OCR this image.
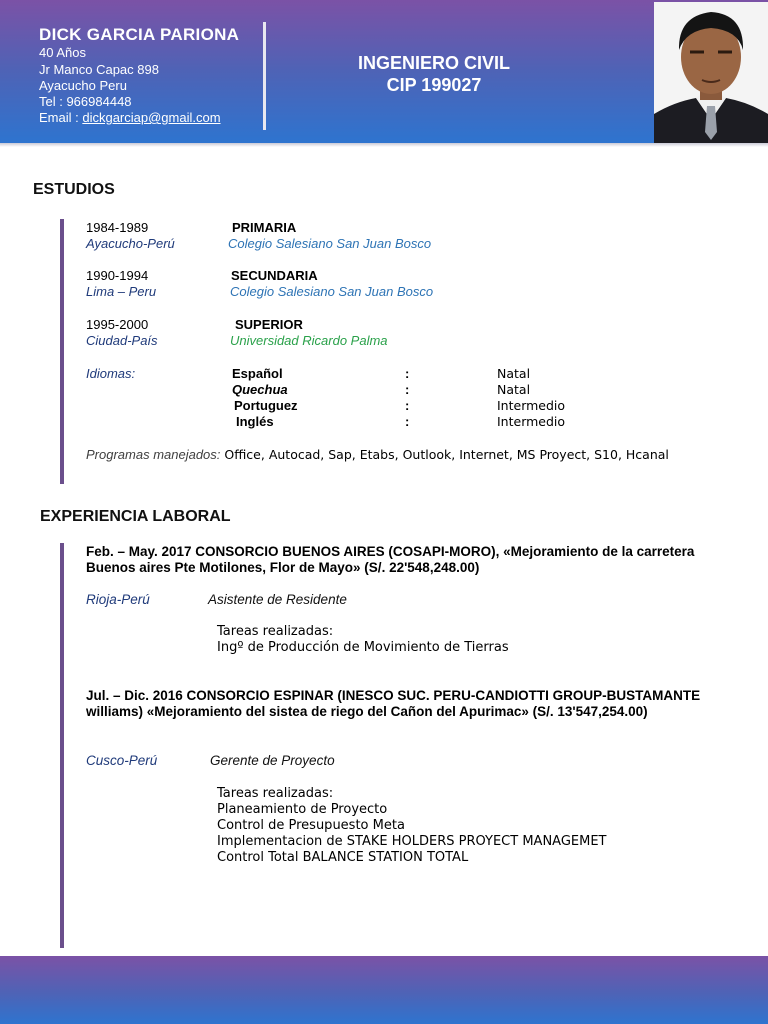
DICK GARCIA PARIONA
40 Años
Jr Manco Capac 898
Ayacucho Peru
Tel : 966984448
Email : dickgarciap@gmail.com
INGENIERO CIVIL
CIP 199027
ESTUDIOS
1984-1989	PRIMARIA
Ayacucho-Perú	Colegio Salesiano San Juan Bosco
1990-1994	SECUNDARIA
Lima – Peru	Colegio Salesiano San Juan Bosco
1995-2000	SUPERIOR
Ciudad-País	Universidad Ricardo Palma
Idiomas:	Español	:	Natal
Quechua	:	Natal
Portuguez	:	Intermedio
Inglés	:	Intermedio
Programas manejados: Office, Autocad, Sap, Etabs, Outlook, Internet, MS Proyect, S10, Hcanal
EXPERIENCIA LABORAL
Feb. – May. 2017 CONSORCIO BUENOS AIRES (COSAPI-MORO), «Mejoramiento de la carretera Buenos aires Pte Motilones, Flor de Mayo» (S/. 22'548,248.00)
Rioja-Perú	Asistente de Residente
Tareas realizadas:
Ingº de Producción de Movimiento de Tierras
Jul. – Dic. 2016 CONSORCIO ESPINAR (INESCO SUC. PERU-CANDIOTTI GROUP-BUSTAMANTE williams) «Mejoramiento del sistea de riego del Cañon del Apurimac» (S/. 13'547,254.00)
Cusco-Perú	Gerente de Proyecto
Tareas realizadas:
Planeamiento de Proyecto
Control de Presupuesto Meta
Implementacion de STAKE HOLDERS PROYECT MANAGEMET
Control Total BALANCE STATION TOTAL
